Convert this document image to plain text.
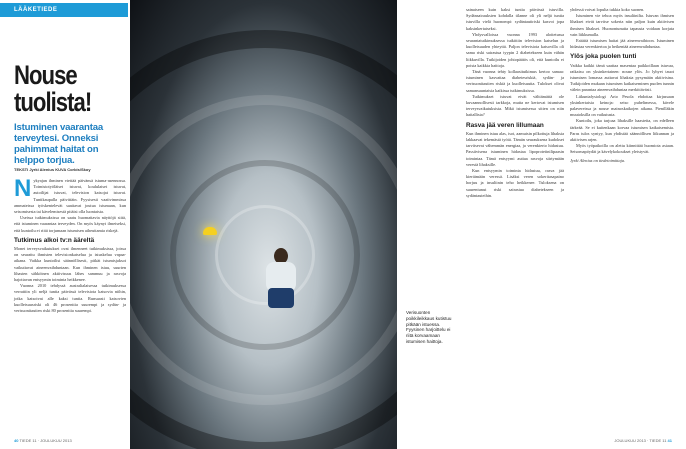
LÄÄKETIEDE
Nouse tuolista!

Istuminen vaarantaa terveytesi. Onneksi pahimmat haitat on helppo torjua.

TEKSTI Jyrki Alenius KUVA Corbis/Skoy

Nykyajan ihminen viettää päivänsä istuma-asennossa. Toimistotyöläiset istuvat, koululaiset istuvat, autoilijat istuvat, television katsojat istuvat. Tuntikaupalla päivittäin. Fyysisesti vaativimmissa ammateissa työskentelevät saattavat joutua istumaan, kun seisomisesta tai kävelemisestä pitäisi olla luontaista.

Useissa tutkimuksissa on saatu huomattavia näyttöjä siitä, että istuminen vaarantaa terveyden. On myös käynyt ilmeiseksi, että kuntoilu ei riitä torjumaan istumisen aiheuttamia riskejä.

Tutkimus alkoi tv:n ääreltä

Monet terveysvaikutukset ovat ilmenneet tutkimuksissa, joissa on seurattu ihmisten televisionkatselua ja istuskelua vapaa-aikana. Vaikka kuntoilisi säännöllisesti, pitkät istumisjaksot vaikuttavat aineenvaihduntaan. Kun ihminen istuu, suurten lihasten sähköinen aktiivisuus lähes sammuu ja rasvoja hajottavan entsyymin toiminta heikkenee.

Vuonna 2010 tehdyssä australialaisessa tutkimuksessa verrattiin yli neljä tuntia päivässä televisiota katsovia niihin, jotka katsoivat alle kaksi tuntia. Runsaasti katsovien kuolleisuusriski oli 46 prosenttia suurempi ja sydän- ja verisuonitautien riski 80 prosenttia suurempi.	Verisuonten poikkileikkaus kutistuu pitkään istuessa. Fyysinen harjoittelu ei riitä korvaamaan istumisen haittoja.

sainaiseen kuin kaksi tuntia päivässä istuvilla. Sydänsairauksien kohdalla tilanne oli yli neljä tuntia istuvilla vielä huonompi: sydäntautiriski kasvoi jopa kaksinkertaiseksi.

Yhdysvalloissa vuonna 1993 aloitetussa seurantatutkimuksessa tutkittiin television katselun ja kuolleisuuden yhteyttä. Paljon televisiota katsovilla oli sama riski sairastua tyypin 2 diabetekseen kuin vähän liikkuvilla. Tutkijoiden johtopäätös oli, että kuntoilu ei poista kaikkia haittoja.

Tänä vuonna tehty kollaasitutkimus kertoo samaa: istuminen kasvattaa diabetesriskiä, sydän- ja verisuonitautien riskiä ja kuolleisuutta. Tulokset olivat samansuuntaisia kaikissa tutkimuksissa.

Tutkimukset istuvat eivät välttämättä ole kuvaannollisesti tarkkoja, mutta ne kertovat istumisen terveysvaikutuksista. Mikä istumisessa sitten on niin haitallista?

Rasva jää veren lillumaan

Kun ihminen istuu alas, isot, aamuisin pilkottuja lihaksia lakkaavat tekemästä työtä. Tämän seurauksena kudokset tarvitsevat vähemmän energiaa, ja verenkierto hidastuu. Passiivisena istuminen hidastaa lipoproteiinilipaasin toimintaa. Tämä entsyymi auttaa rasvoja siirtymään verestä lihaksille.

Kun entsyymin toiminta hidastuu, rasva jää kiertämään veressä. Lisäksi veren sokeritasapaino horjuu ja insuliinin teho heikkenee. Tuloksena on suurentunut riski sairastua diabetekseen ja sydäntauteihin.

yhdessä voivat lopulta tukkia koko suonen.

Istuminen vie tehoa myös insuliinilta. Istuvan ihmisen lihakset eivät tarvitse sokeria niin paljon kuin aktiivisen ihmisen lihakset. Huonontunutta tapausta voidaan korjata vain liikkumalla.

Erääitä istumisen haitat jää aineenvaihtoon. Istuminen hidastaa verenkiertoa ja heikentää aineenvaihduntaa.

Ylös joka puolen tunti

Vaikka kaikki tämä saattaa masentaa paikkoillaan istuvaa, ratkaisu on yksinkertainen: nouse ylös. Jo lyhyet tauot istumisen lomassa auttavat lihaksia pysymään aktiivisina. Tutkijoiden mukaan istumisen katkaiseminen puolen tunnin välein parantaa aineenvaihduntaa merkittävästi.

Liikuntafysiologi Arto Pesola ehdottaa kirjassaan yksinkertaisia keinoja: seiso puhelimessa, kävele palavereissa ja nouse mainoskatkojen aikana. Pienilläkin muutoksilla on vaikutusta.

Kuntoilu, joka tarjoaa lihaksille haasteita, on edelleen tärkeää. Se ei kuitenkaan korvaa istumisen katkaisemista. Paras tulos syntyy, kun yhdistää säännöllisen liikunnan ja aktiivisen arjen.

Myös työpaikoilla on alettu kiinnittää huomiota asiaan. Seisomapöydät ja kävelykokoukset yleistyvät.

Jyrki Alenius on tiedetoimittaja.

40 TIEDE 11 · JOULUKUU 2013	JOULUKUU 2013 · TIEDE 11 41
